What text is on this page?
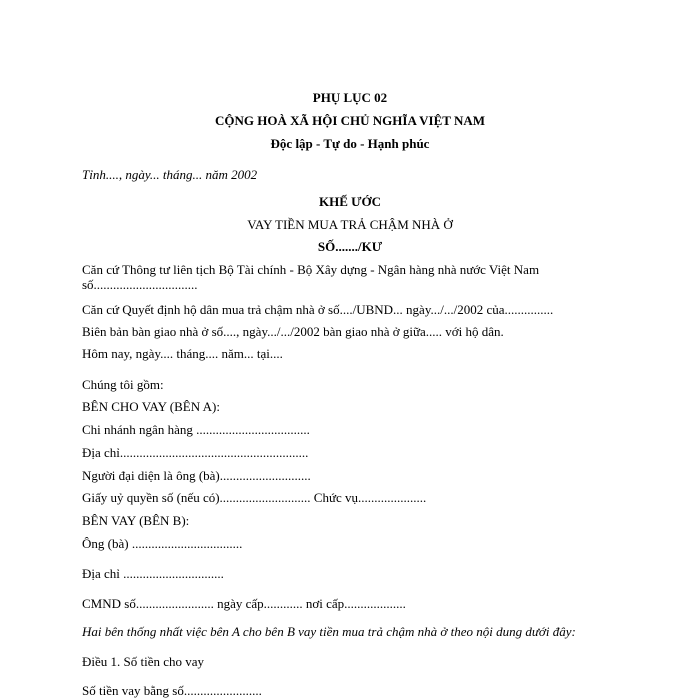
PHỤ LỤC 02
CỘNG HOÀ XÃ HỘI CHỦ NGHĨA VIỆT NAM
Độc lập - Tự do - Hạnh phúc
Tỉnh...., ngày... tháng... năm 2002
KHẾ ƯỚC
VAY TIỀN MUA TRẢ CHẬM NHÀ Ở
SỐ......./KƯ
Căn cứ Thông tư liên tịch Bộ Tài chính - Bộ Xây dựng - Ngân hàng nhà nước Việt Nam số................................
Căn cứ Quyết định hộ dân mua trả chậm nhà ở số..../UBND... ngày.../.../2002 của...............
Biên bản bàn giao nhà ở số...., ngày.../.../2002 bàn giao nhà ở giữa..... với hộ dân.
Hôm nay, ngày.... tháng.... năm... tại....
Chúng tôi gồm:
BÊN CHO VAY (BÊN A):
Chi nhánh ngân hàng ...................................
Địa chỉ..........................................................
Người đại diện là ông (bà)............................
Giấy uỷ quyền số (nếu có)............................ Chức vụ.....................
BÊN VAY (BÊN B):
Ông (bà) ..................................
Địa chỉ ...............................
CMND số........................ ngày cấp............ nơi cấp...................
Hai bên thống nhất việc bên A cho bên B vay tiền mua trả chậm nhà ở theo nội dung dưới đây:
Điều 1. Số tiền cho vay
Số tiền vay bằng số........................
